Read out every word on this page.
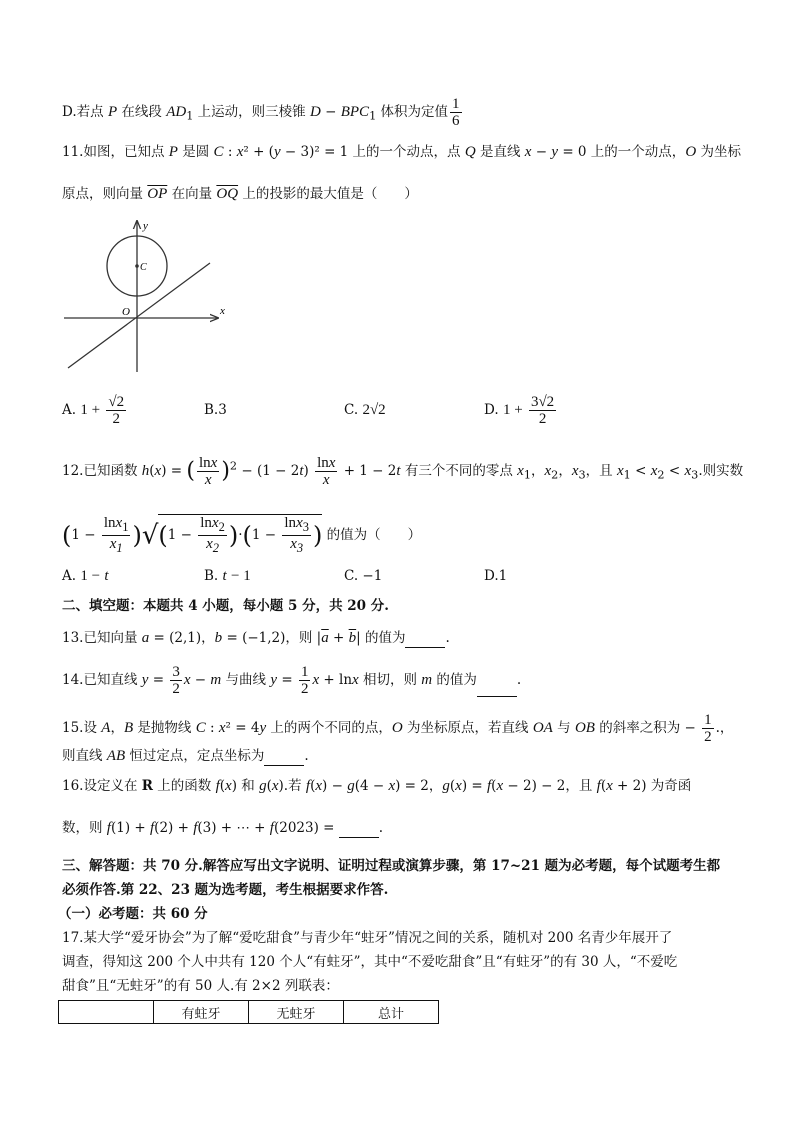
D.若点 P 在线段 $AD_1$ 上运动，则三棱锥 $D - BPC_1$ 体积为定值 $\frac{1}{6}$
11.如图，已知点 P 是圆 C : x² + (y − 3)² = 1 上的一个动点，点 Q 是直线 x − y = 0 上的一个动点，O 为坐标
原点，则向量 $\overline{OP}$ 在向量 $\overline{OQ}$ 上的投影的最大值是（　　）
y
x
O
C
A. $1 + \frac{√2}{2}$	B.3	C. 2√2	D. $1 + \frac{3√2}{2}$
12.已知函数 h(x) = ( $\frac{\ln x}{x} )^2 - (1 - 2t) \frac{\ln x}{x} + 1 - 2t$ 有三个不同的零点 $x_1$，$x_2$，$x_3$，且 $x_1 < x_2 < x_3$.则实数
$(1 - \frac{\ln x_1}{x_1} )√(1 - \frac{\ln x_2}{x_2} )\cdot(1 - \frac{\ln x_3}{x_3}$ ) 的值为（　　）
A. 1 − t	B. t − 1	C. −1	D.1
二、填空题：本题共 4 小题，每小题 5 分，共 20 分.
13.已知向量 a = (2,1)，b = (−1,2)，则 $|\overline{a} + \overline{b}|$ 的值为	.
14.已知直线 $y = \frac{3}{2}$ x − m 与曲线 $y = \frac{1}{2}$ x + lnx 相切，则 m 的值为	.
15.设 A，B 是抛物线 C : x² = 4y 上的两个不同的点，O 为坐标原点，若直线 OA 与 OB 的斜率之积为 − $\frac{1}{2}$ .，
则直线 AB 恒过定点，定点坐标为	.
16.设定义在 R 上的函数 f(x) 和 g(x).若 f(x) − g(4 − x) = 2，g(x) = f(x − 2) − 2，且 f(x + 2) 为奇函
数，则 f(1) + f(2) + f(3) + ⋯ + f(2023) =	.
三、解答题：共 70 分.解答应写出文字说明、证明过程或演算步骤，第 17~21 题为必考题，每个试题考生都
必须作答.第 22、23 题为选考题，考生根据要求作答.
（一）必考题：共 60 分
17.某大学“爱牙协会”为了解“爱吃甜食”与青少年“蛀牙”情况之间的关系，随机对 200 名青少年展开了
调查，得知这 200 个人中共有 120 个人“有蛀牙”，其中“不爱吃甜食”且“有蛀牙”的有 30 人，“不爱吃
甜食”且“无蛀牙”的有 50 人.有 2×2 列联表：
	有蛀牙	无蛀牙	总计
